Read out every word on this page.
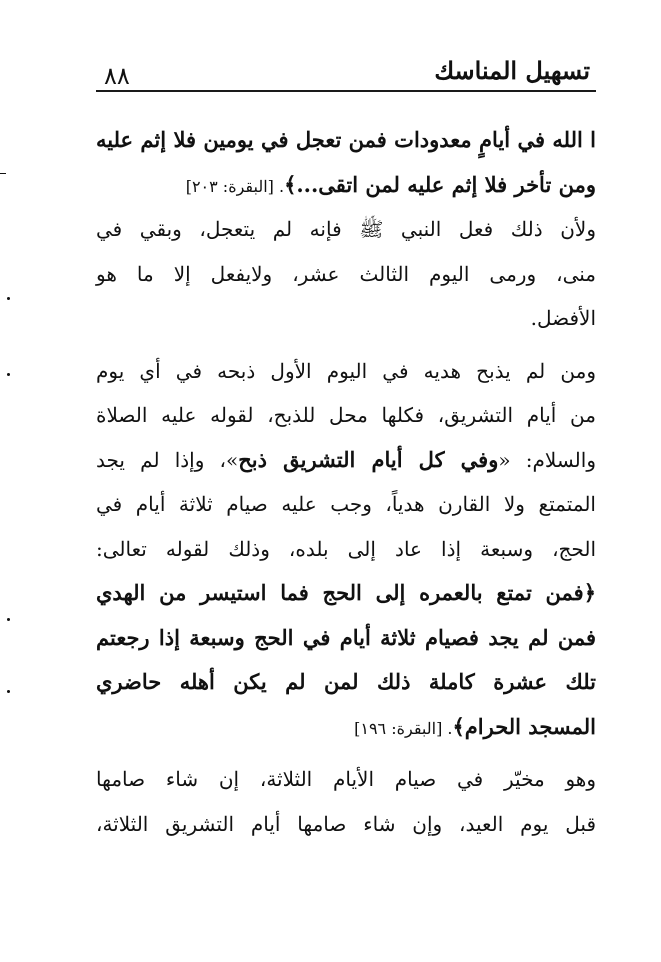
٨٨	تسهيل المناسك
ا الله في أيامٍ معدودات فمن تعجل في يومين فلا إثم عليه
ومن تأخر فلا إثم عليه لمن اتقى...﴾. [البقرة: ٢٠٣]
ولأن ذلك فعل النبي ﷺ فإنه لم يتعجل، وبقي في
منى، ورمى اليوم الثالث عشر، ولايفعل إلا ما هو
الأفضل.
ومن لم يذبح هديه في اليوم الأول ذبحه في أي يوم
من أيام التشريق، فكلها محل للذبح، لقوله عليه الصلاة
والسلام: «وفي كل أيام التشريق ذبح»، وإذا لم يجد
المتمتع ولا القارن هدياً، وجب عليه صيام ثلاثة أيام في
الحج، وسبعة إذا عاد إلى بلده، وذلك لقوله تعالى:
﴿فمن تمتع بالعمره إلى الحج فما استيسر من الهدي
فمن لم يجد فصيام ثلاثة أيام في الحج وسبعة إذا رجعتم
تلك عشرة كاملة ذلك لمن لم يكن أهله حاضري
المسجد الحرام﴾. [البقرة: ١٩٦]
وهو مخيّر في صيام الأيام الثلاثة، إن شاء صامها
قبل يوم العيد، وإن شاء صامها أيام التشريق الثلاثة،
